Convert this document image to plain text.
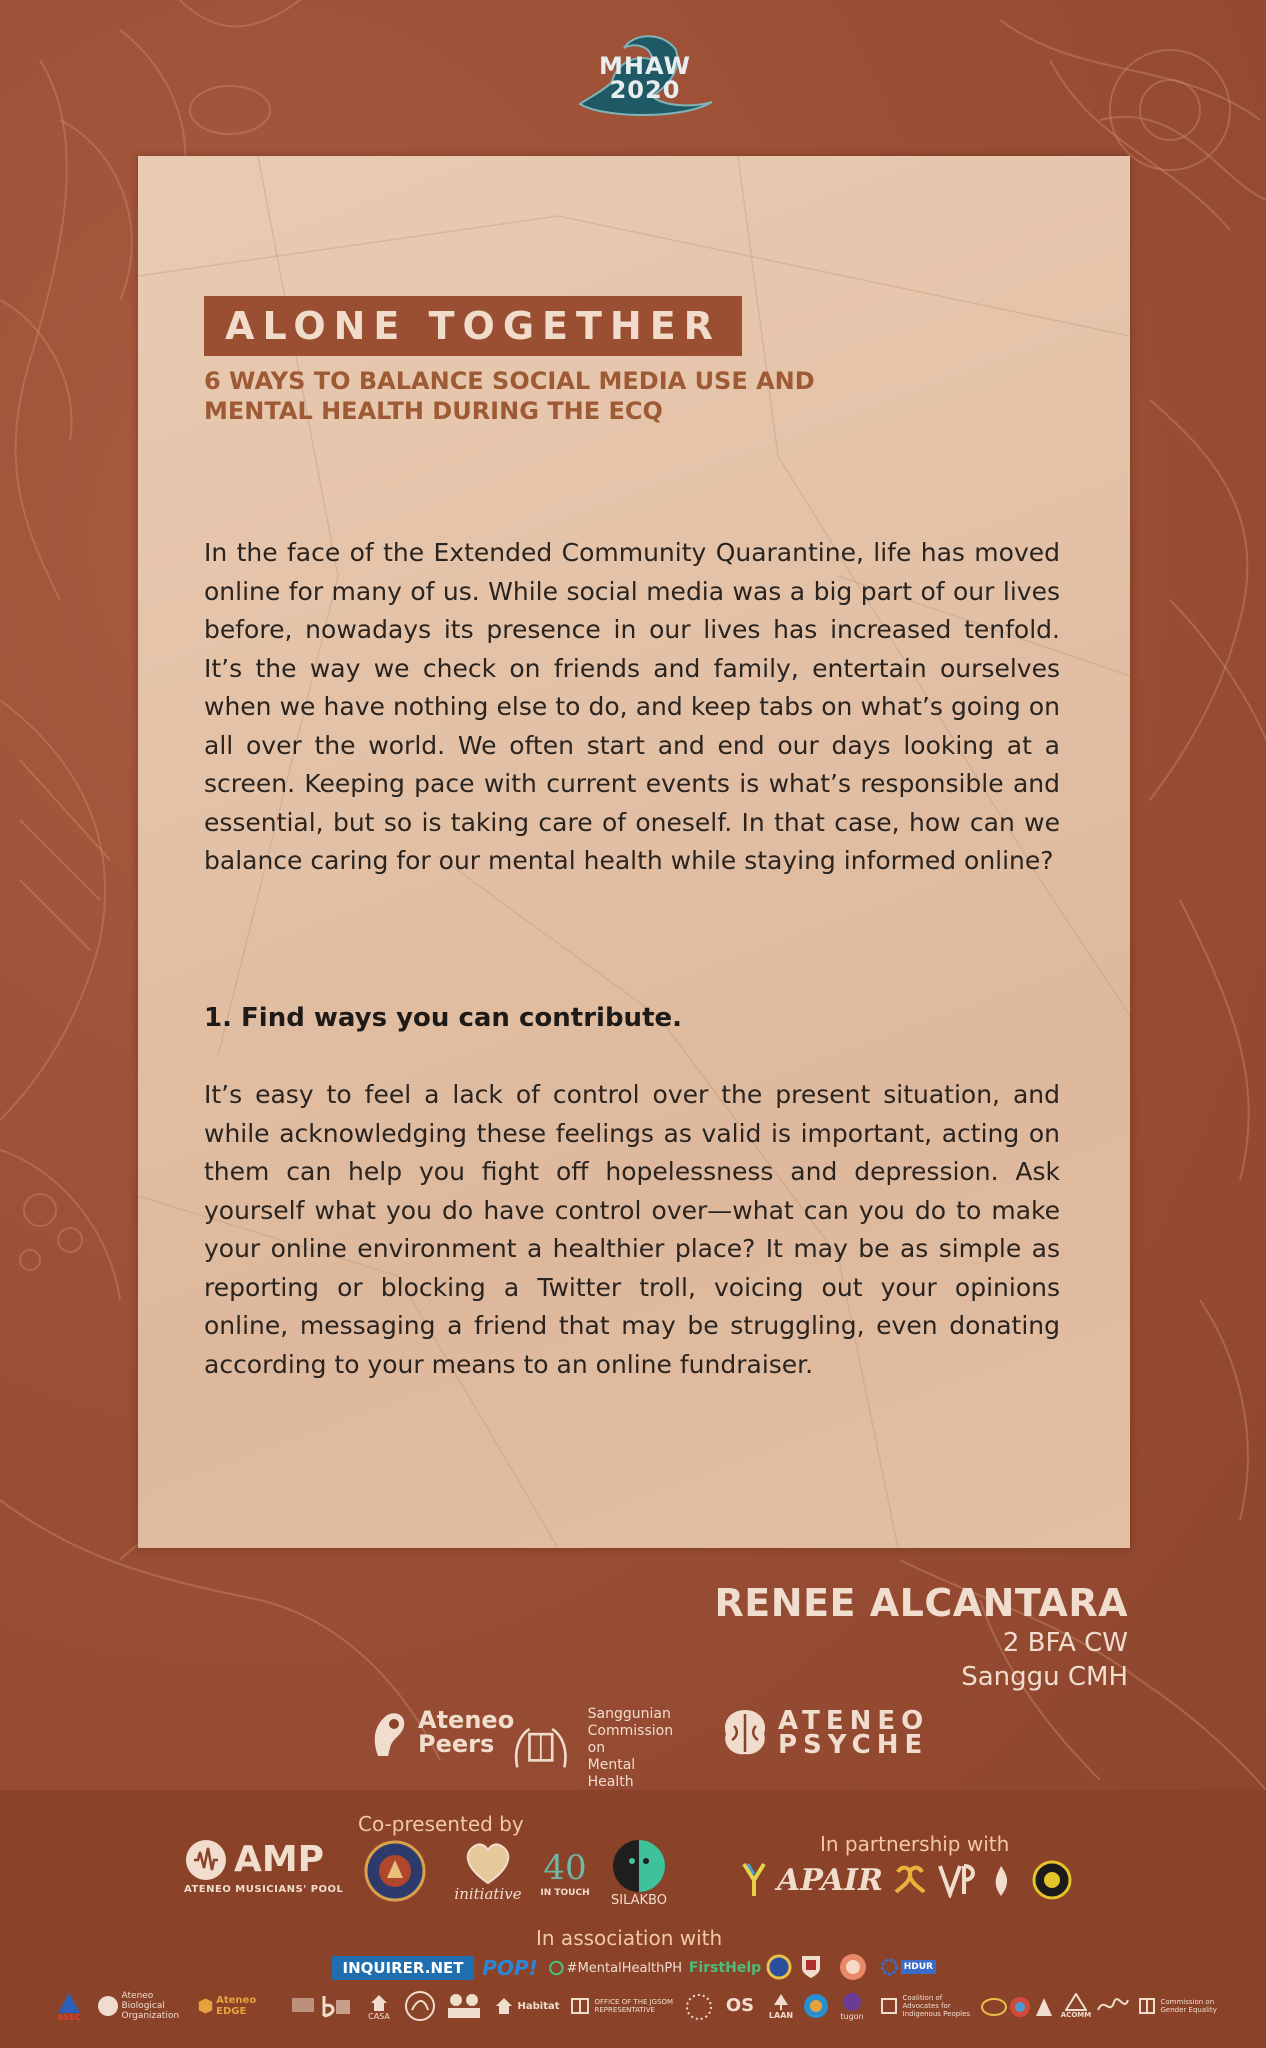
MHAW
2020
ALONE TOGETHER
6 WAYS TO BALANCE SOCIAL MEDIA USE AND
MENTAL HEALTH DURING THE ECQ
In the face of the Extended Community Quarantine, life has moved online for many of us. While social media was a big part of our lives before, nowadays its presence in our lives has increased tenfold. It’s the way we check on friends and family, entertain ourselves when we have nothing else to do, and keep tabs on what’s going on all over the world. We often start and end our days looking at a screen. Keeping pace with current events is what’s responsible and essential, but so is taking care of oneself. In that case, how can we balance caring for our mental health while staying informed online?
1. Find ways you can contribute.
It’s easy to feel a lack of control over the present situation, and while acknowledging these feelings as valid is important, acting on them can help you fight off hopelessness and depression. Ask yourself what you do have control over—what can you do to make your online environment a healthier place? It may be as simple as reporting or blocking a Twitter troll, voicing out your opinions online, messaging a friend that may be struggling, even donating according to your means to an online fundraiser.
RENEE ALCANTARA
2 BFA CW
Sanggu CMH
Ateneo
Peers
Sanggunian
Commission on
Mental Health
ATENEO
PSYCHE
Co-presented by
In partnership with
In association with
AMP
ATENEO MUSICIANS' POOL	initiative
40
IN TOUCH SILAKBO
APAIR
INQUIRER.NET POP! #MentalHealthPH FirstHelp	HDUR
ASEC
Ateneo Biological Organization
Ateneo EDGE	CASA
Habitat	OFFICE OF THE JGSOM REPRESENTATIVE	OS LAAN	tugon
Coalition of Advocates for Indigenous Peoples	ACOMM
Commission on Gender Equality
